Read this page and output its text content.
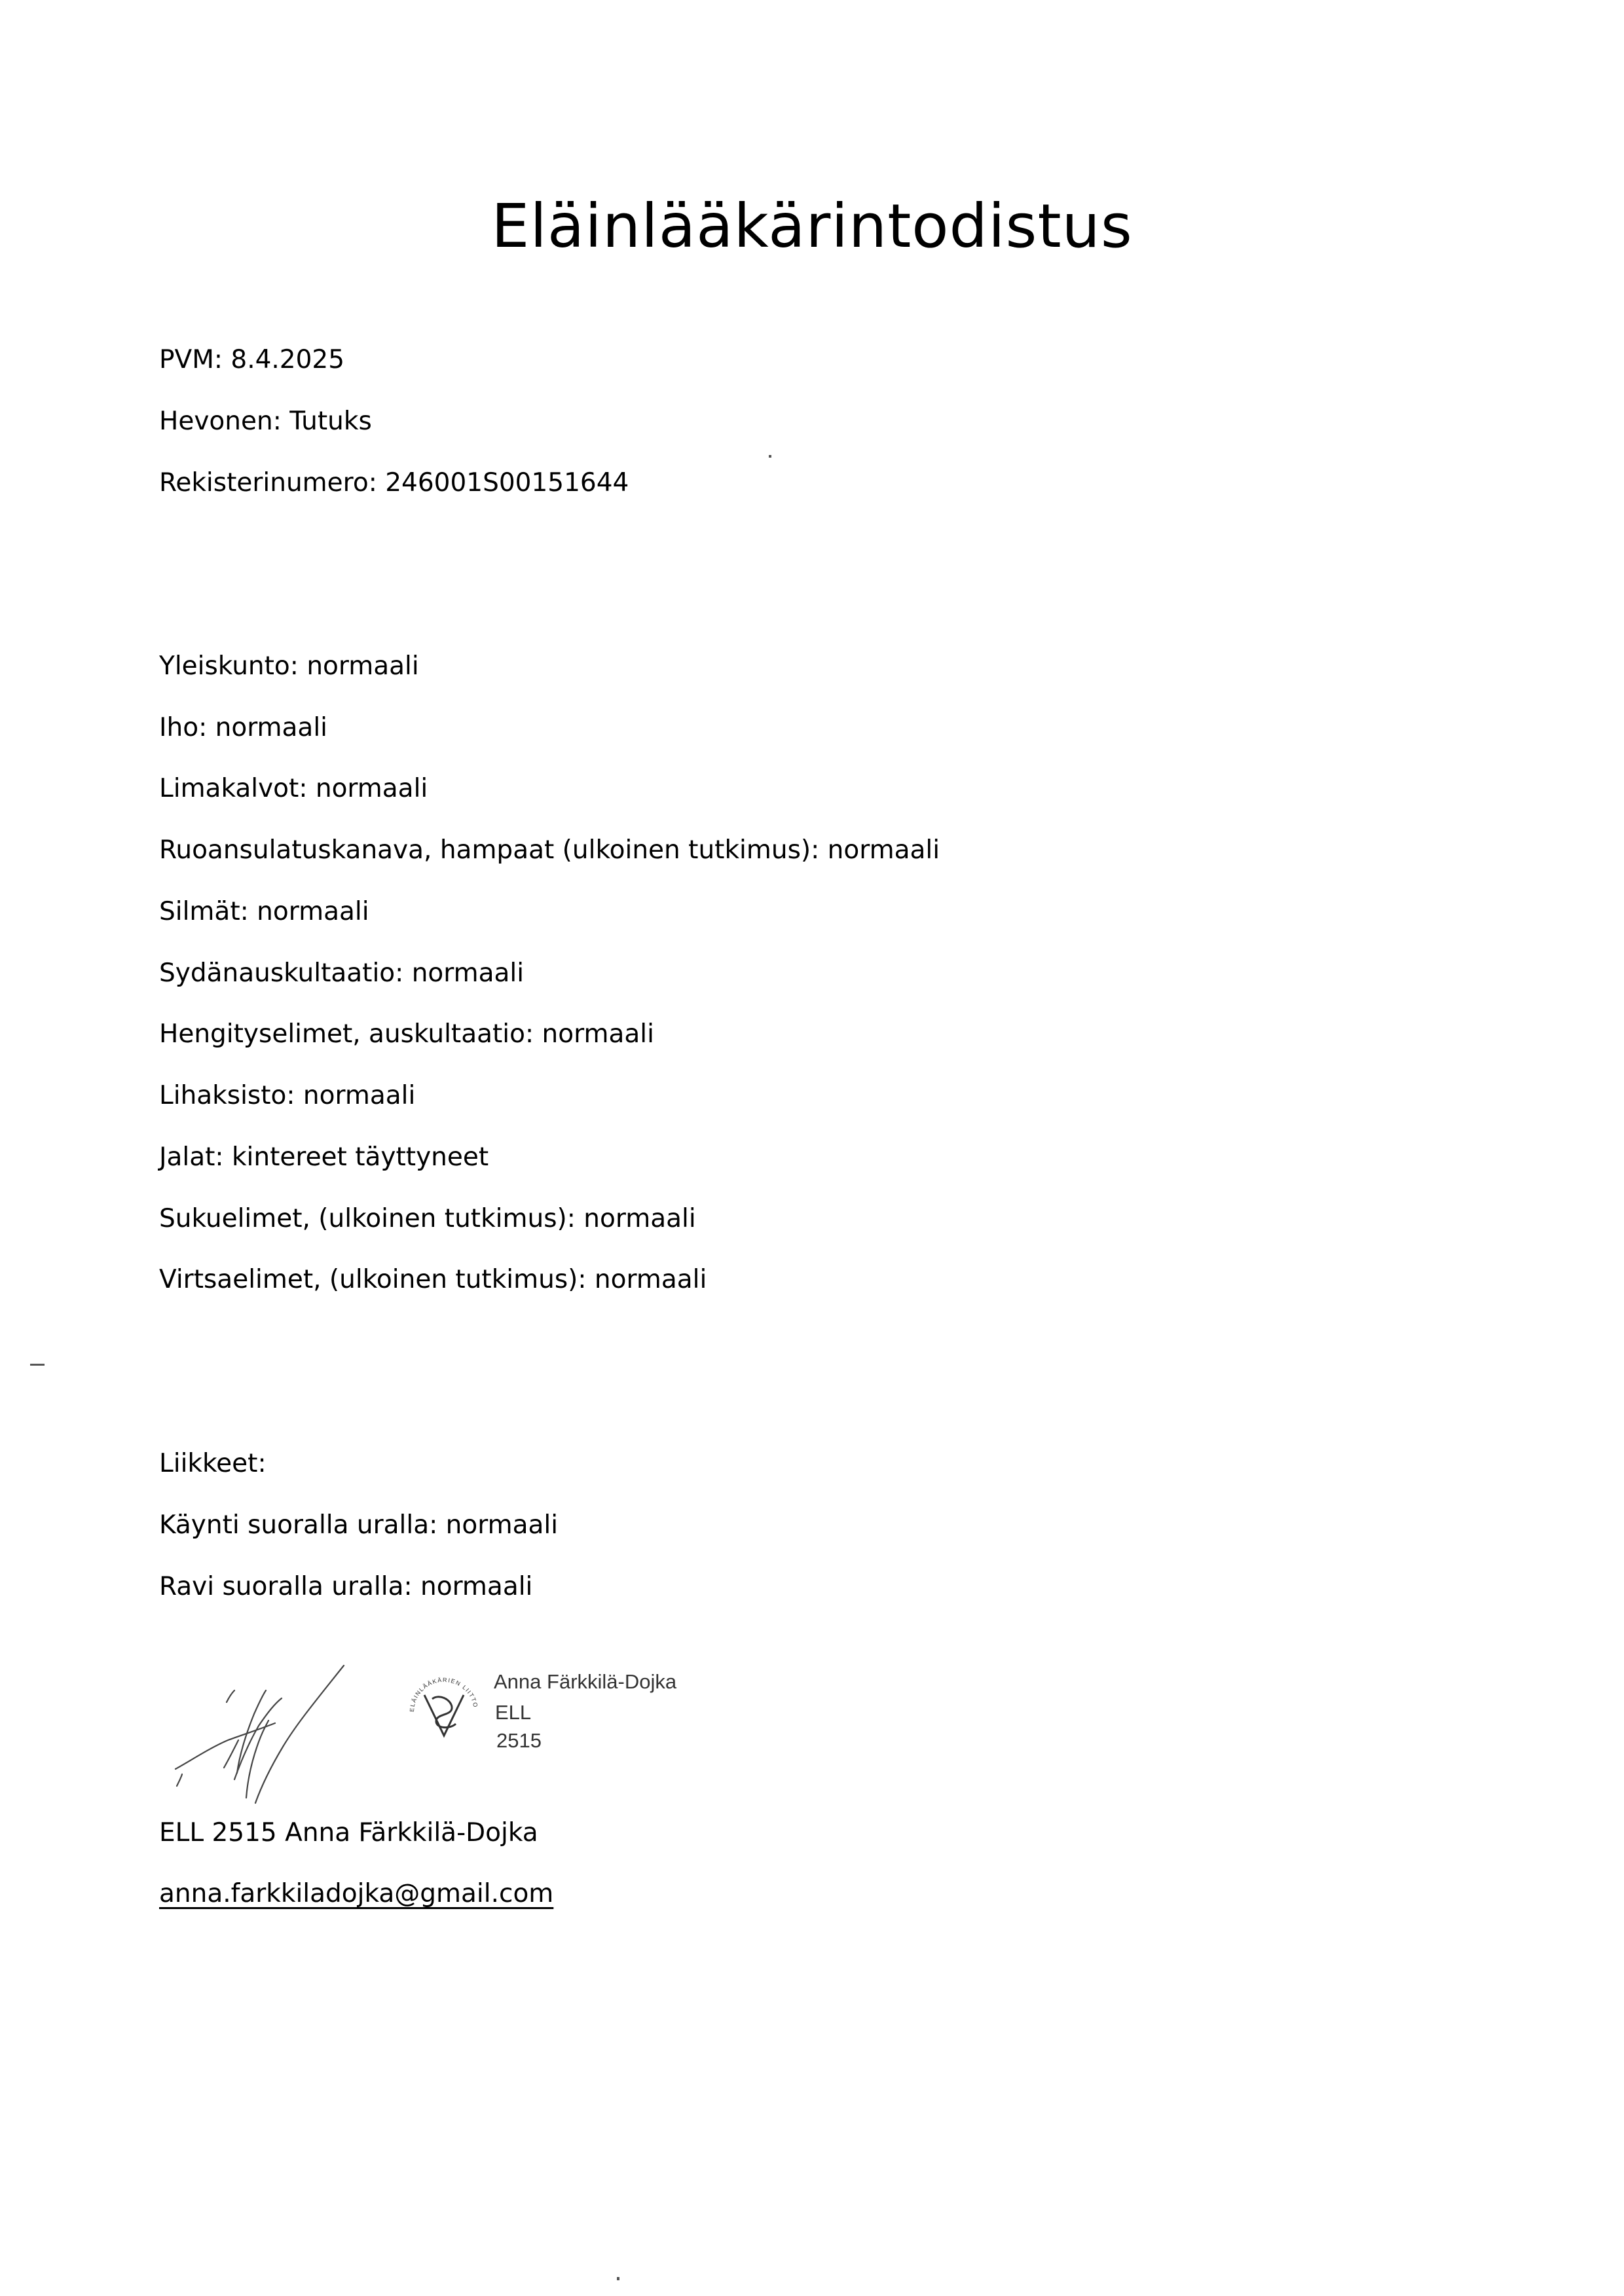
Eläinlääkärintodistus
PVM: 8.4.2025
Hevonen: Tutuks
Rekisterinumero: 246001S00151644
Yleiskunto: normaali
Iho: normaali
Limakalvot: normaali
Ruoansulatuskanava, hampaat (ulkoinen tutkimus): normaali
Silmät: normaali
Sydänauskultaatio: normaali
Hengityselimet, auskultaatio: normaali
Lihaksisto: normaali
Jalat: kintereet täyttyneet
Sukuelimet, (ulkoinen tutkimus): normaali
Virtsaelimet, (ulkoinen tutkimus): normaali
Liikkeet:
Käynti suoralla uralla: normaali
Ravi suoralla uralla: normaali
ELÄINLÄÄKÄRIEN LIITTO
Anna Färkkilä-Dojka
ELL
2515
ELL 2515 Anna Färkkilä-Dojka
anna.farkkiladojka@gmail.com
